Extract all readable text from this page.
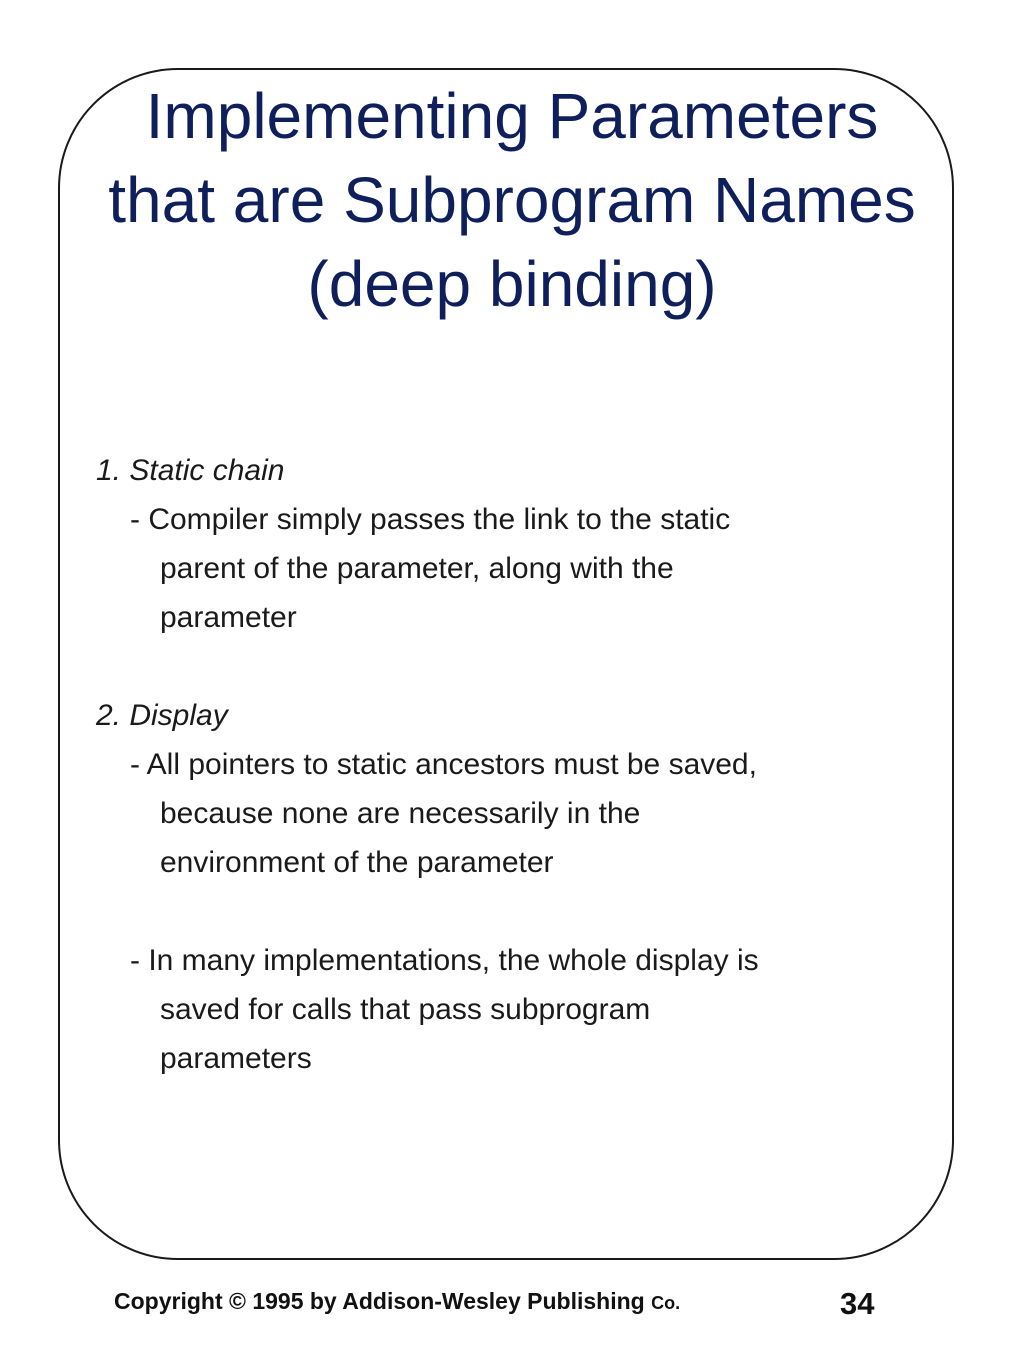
Implementing Parameters
that are Subprogram Names
(deep binding)
1. Static chain
- Compiler simply passes the link to the static
parent of the parameter, along with the
parameter
2. Display
- All pointers to static ancestors must be saved,
because none are necessarily in the
environment of the parameter
- In many implementations, the whole display is
saved for calls that pass subprogram
parameters
Copyright © 1995 by Addison-Wesley Publishing Co.	34
